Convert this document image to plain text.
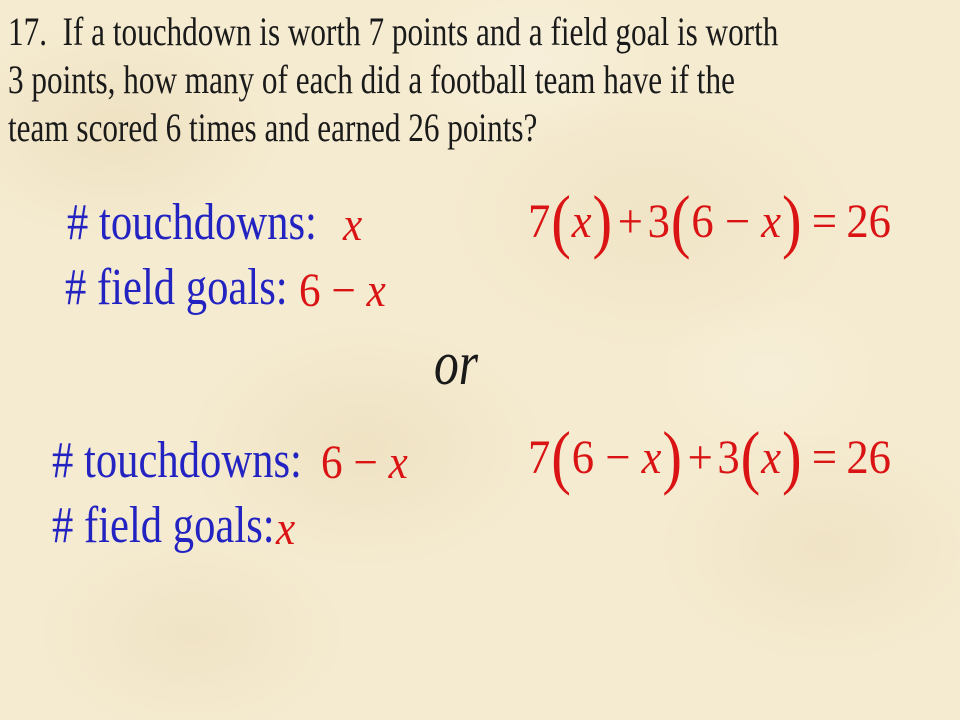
17.  If a touchdown is worth 7 points and a field goal is worth
3 points, how many of each did a football team have if the
team scored 6 times and earned 26 points?
# touchdowns: x	7 ( x ) + 3 ( 6 − x ) = 26
# field goals: 6 − x
or
# touchdowns: 6 − x	7 ( 6 − x ) + 3 ( x ) = 26
# field goals: x
